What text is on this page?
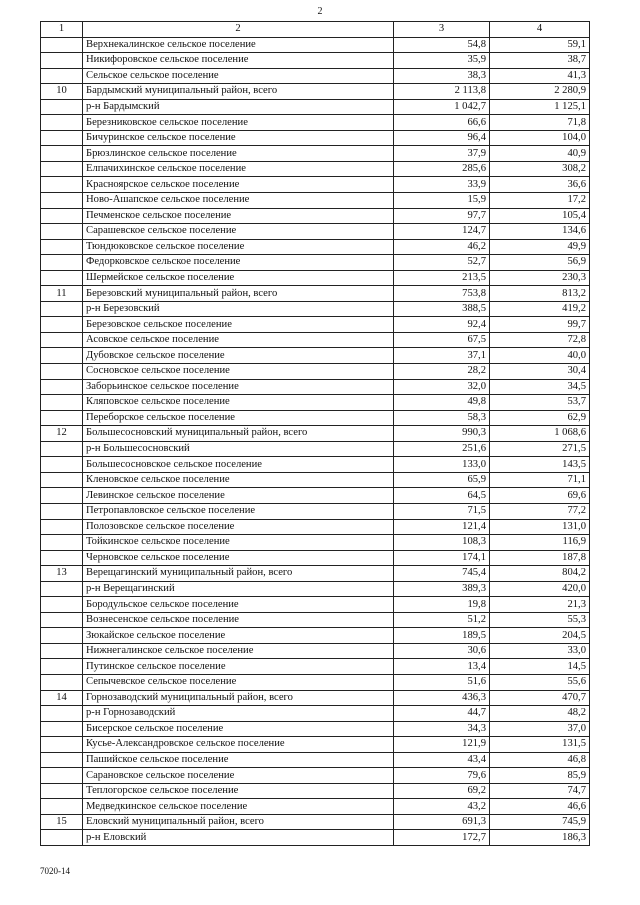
2
1	2	3	4
	Верхнекалинское сельское поселение	54,8	59,1
	Никифоровское сельское поселение	35,9	38,7
	Сельское сельское поселение	38,3	41,3
10	Бардымский муниципальный район, всего	2 113,8	2 280,9
	р-н Бардымский	1 042,7	1 125,1
	Березниковское сельское поселение	66,6	71,8
	Бичуринское сельское поселение	96,4	104,0
	Брюзлинское сельское поселение	37,9	40,9
	Елпачихинское сельское поселение	285,6	308,2
	Красноярское сельское поселение	33,9	36,6
	Ново-Ашапское сельское поселение	15,9	17,2
	Печменское сельское поселение	97,7	105,4
	Сарашевское сельское поселение	124,7	134,6
	Тюндюковское сельское поселение	46,2	49,9
	Федорковское сельское поселение	52,7	56,9
	Шермейское сельское поселение	213,5	230,3
11	Березовский муниципальный район, всего	753,8	813,2
	р-н Березовский	388,5	419,2
	Березовское сельское поселение	92,4	99,7
	Асовское сельское поселение	67,5	72,8
	Дубовское сельское поселение	37,1	40,0
	Сосновское сельское поселение	28,2	30,4
	Заборьинское сельское поселение	32,0	34,5
	Кляповское сельское поселение	49,8	53,7
	Переборское сельское поселение	58,3	62,9
12	Большесосновский муниципальный район, всего	990,3	1 068,6
	р-н Большесосновский	251,6	271,5
	Большесосновское сельское поселение	133,0	143,5
	Кленовское сельское поселение	65,9	71,1
	Левинское сельское поселение	64,5	69,6
	Петропавловское сельское поселение	71,5	77,2
	Полозовское сельское поселение	121,4	131,0
	Тойкинское сельское поселение	108,3	116,9
	Черновское сельское поселение	174,1	187,8
13	Верещагинский муниципальный район, всего	745,4	804,2
	р-н Верещагинский	389,3	420,0
	Бородульское сельское поселение	19,8	21,3
	Вознесенское сельское поселение	51,2	55,3
	Зюкайское сельское поселение	189,5	204,5
	Нижнегалинское сельское поселение	30,6	33,0
	Путинское сельское поселение	13,4	14,5
	Сепычевское сельское поселение	51,6	55,6
14	Горнозаводский муниципальный район, всего	436,3	470,7
	р-н Горнозаводский	44,7	48,2
	Бисерское сельское поселение	34,3	37,0
	Кусье-Александровское сельское поселение	121,9	131,5
	Пашийское сельское поселение	43,4	46,8
	Сарановское сельское поселение	79,6	85,9
	Теплогорское сельское поселение	69,2	74,7
	Медведкинское сельское поселение	43,2	46,6
15	Еловский муниципальный район, всего	691,3	745,9
	р-н Еловский	172,7	186,3
7020-14
